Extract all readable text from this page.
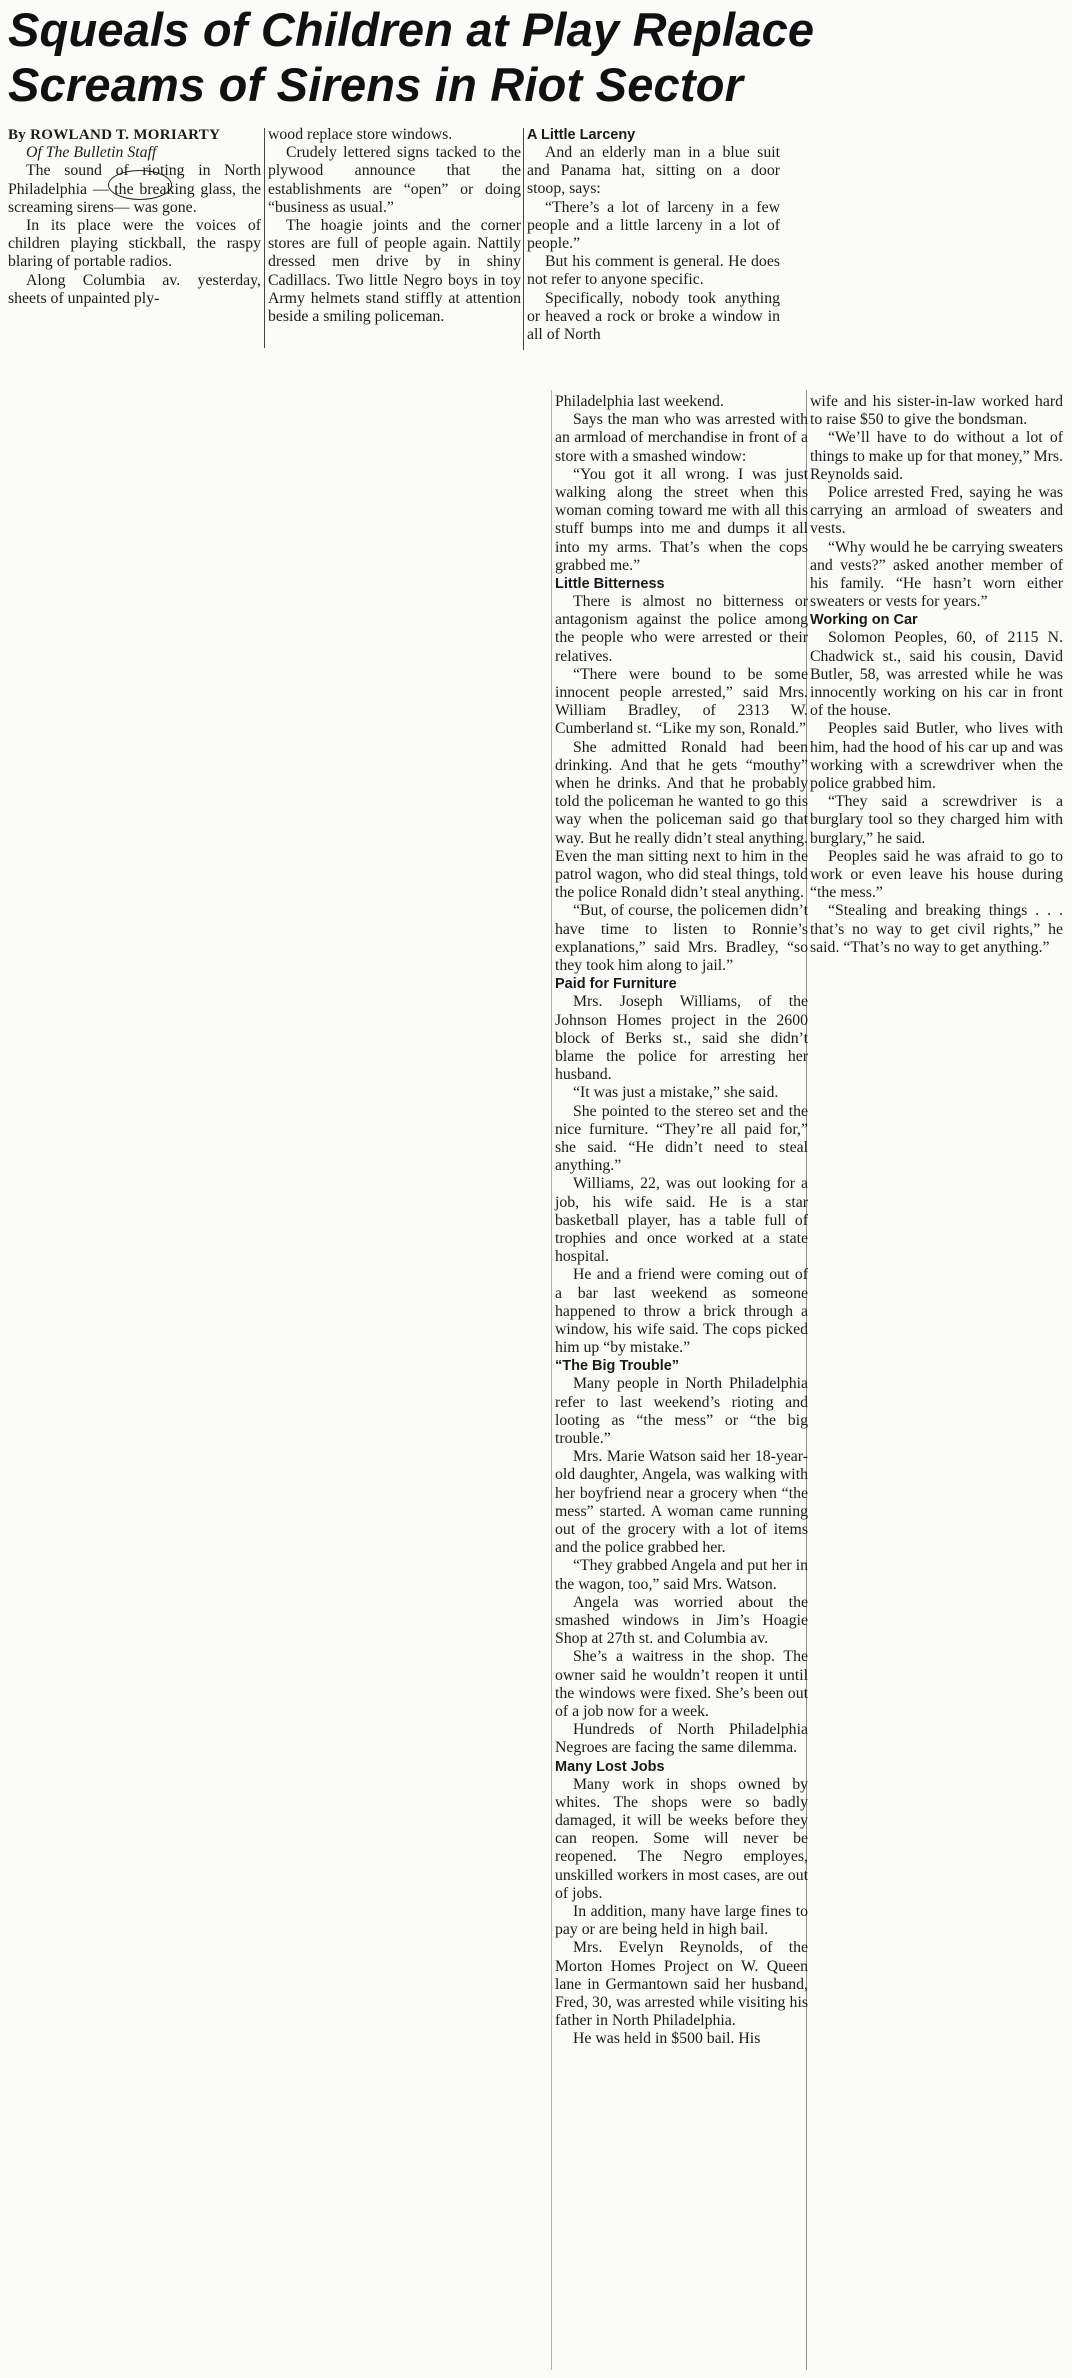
Squeals of Children at Play Replace
Screams of Sirens in Riot Sector

By ROWLAND T. MORIARTY

Of The Bulletin Staff

The sound of rioting in North Philadelphia — the breaking glass, the screaming sirens— was gone.

In its place were the voices of children playing stickball, the raspy blaring of portable radios.

Along Columbia av. yesterday, sheets of unpainted ply-

wood replace store windows.

Crudely lettered signs tacked to the plywood announce that the establishments are “open” or doing “business as usual.”

The hoagie joints and the corner stores are full of people again. Nattily dressed men drive by in shiny Cadillacs. Two little Negro boys in toy Army helmets stand stiffly at attention beside a smiling policeman.

A Little Larceny

And an elderly man in a blue suit and Panama hat, sitting on a door stoop, says:

“There’s a lot of larceny in a few people and a little larceny in a lot of people.”

But his comment is general. He does not refer to anyone specific.

Specifically, nobody took anything or heaved a rock or broke a window in all of North

Philadelphia last weekend.

Says the man who was arrested with an armload of merchandise in front of a store with a smashed window:

“You got it all wrong. I was just walking along the street when this woman coming toward me with all this stuff bumps into me and dumps it all into my arms. That’s when the cops grabbed me.”

Little Bitterness

There is almost no bitterness or antagonism against the police among the people who were arrested or their relatives.

“There were bound to be some innocent people arrested,” said Mrs. William Bradley, of 2313 W. Cumberland st. “Like my son, Ronald.”

She admitted Ronald had been drinking. And that he gets “mouthy” when he drinks. And that he probably told the policeman he wanted to go this way when the policeman said go that way. But he really didn’t steal anything. Even the man sitting next to him in the patrol wagon, who did steal things, told the police Ronald didn’t steal anything.

“But, of course, the policemen didn’t have time to listen to Ronnie’s explanations,” said Mrs. Bradley, “so they took him along to jail.”

Paid for Furniture

Mrs. Joseph Williams, of the Johnson Homes project in the 2600 block of Berks st., said she didn’t blame the police for arresting her husband.

“It was just a mistake,” she said.

She pointed to the stereo set and the nice furniture. “They’re all paid for,” she said. “He didn’t need to steal anything.”

Williams, 22, was out looking for a job, his wife said. He is a star basketball player, has a table full of trophies and once worked at a state hospital.

He and a friend were coming out of a bar last weekend as someone happened to throw a brick through a window, his wife said. The cops picked him up “by mistake.”

“The Big Trouble”

Many people in North Philadelphia refer to last weekend’s rioting and looting as “the mess” or “the big trouble.”

Mrs. Marie Watson said her 18-year-old daughter, Angela, was walking with her boyfriend near a grocery when “the mess” started. A woman came running out of the grocery with a lot of items and the police grabbed her.

“They grabbed Angela and put her in the wagon, too,” said Mrs. Watson.

Angela was worried about the smashed windows in Jim’s Hoagie Shop at 27th st. and Columbia av.

She’s a waitress in the shop. The owner said he wouldn’t reopen it until the windows were fixed. She’s been out of a job now for a week.

Hundreds of North Philadelphia Negroes are facing the same dilemma.

Many Lost Jobs

Many work in shops owned by whites. The shops were so badly damaged, it will be weeks before they can reopen. Some will never be reopened. The Negro employes, unskilled workers in most cases, are out of jobs.

In addition, many have large fines to pay or are being held in high bail.

Mrs. Evelyn Reynolds, of the Morton Homes Project on W. Queen lane in Germantown said her husband, Fred, 30, was arrested while visiting his father in North Philadelphia.

He was held in $500 bail. His

wife and his sister-in-law worked hard to raise $50 to give the bondsman.

“We’ll have to do without a lot of things to make up for that money,” Mrs. Reynolds said.

Police arrested Fred, saying he was carrying an armload of sweaters and vests.

“Why would he be carrying sweaters and vests?” asked another member of his family. “He hasn’t worn either sweaters or vests for years.”

Working on Car

Solomon Peoples, 60, of 2115 N. Chadwick st., said his cousin, David Butler, 58, was arrested while he was innocently working on his car in front of the house.

Peoples said Butler, who lives with him, had the hood of his car up and was working with a screwdriver when the police grabbed him.

“They said a screwdriver is a burglary tool so they charged him with burglary,” he said.

Peoples said he was afraid to go to work or even leave his house during “the mess.”

“Stealing and breaking things . . . that’s no way to get civil rights,” he said. “That’s no way to get anything.”
